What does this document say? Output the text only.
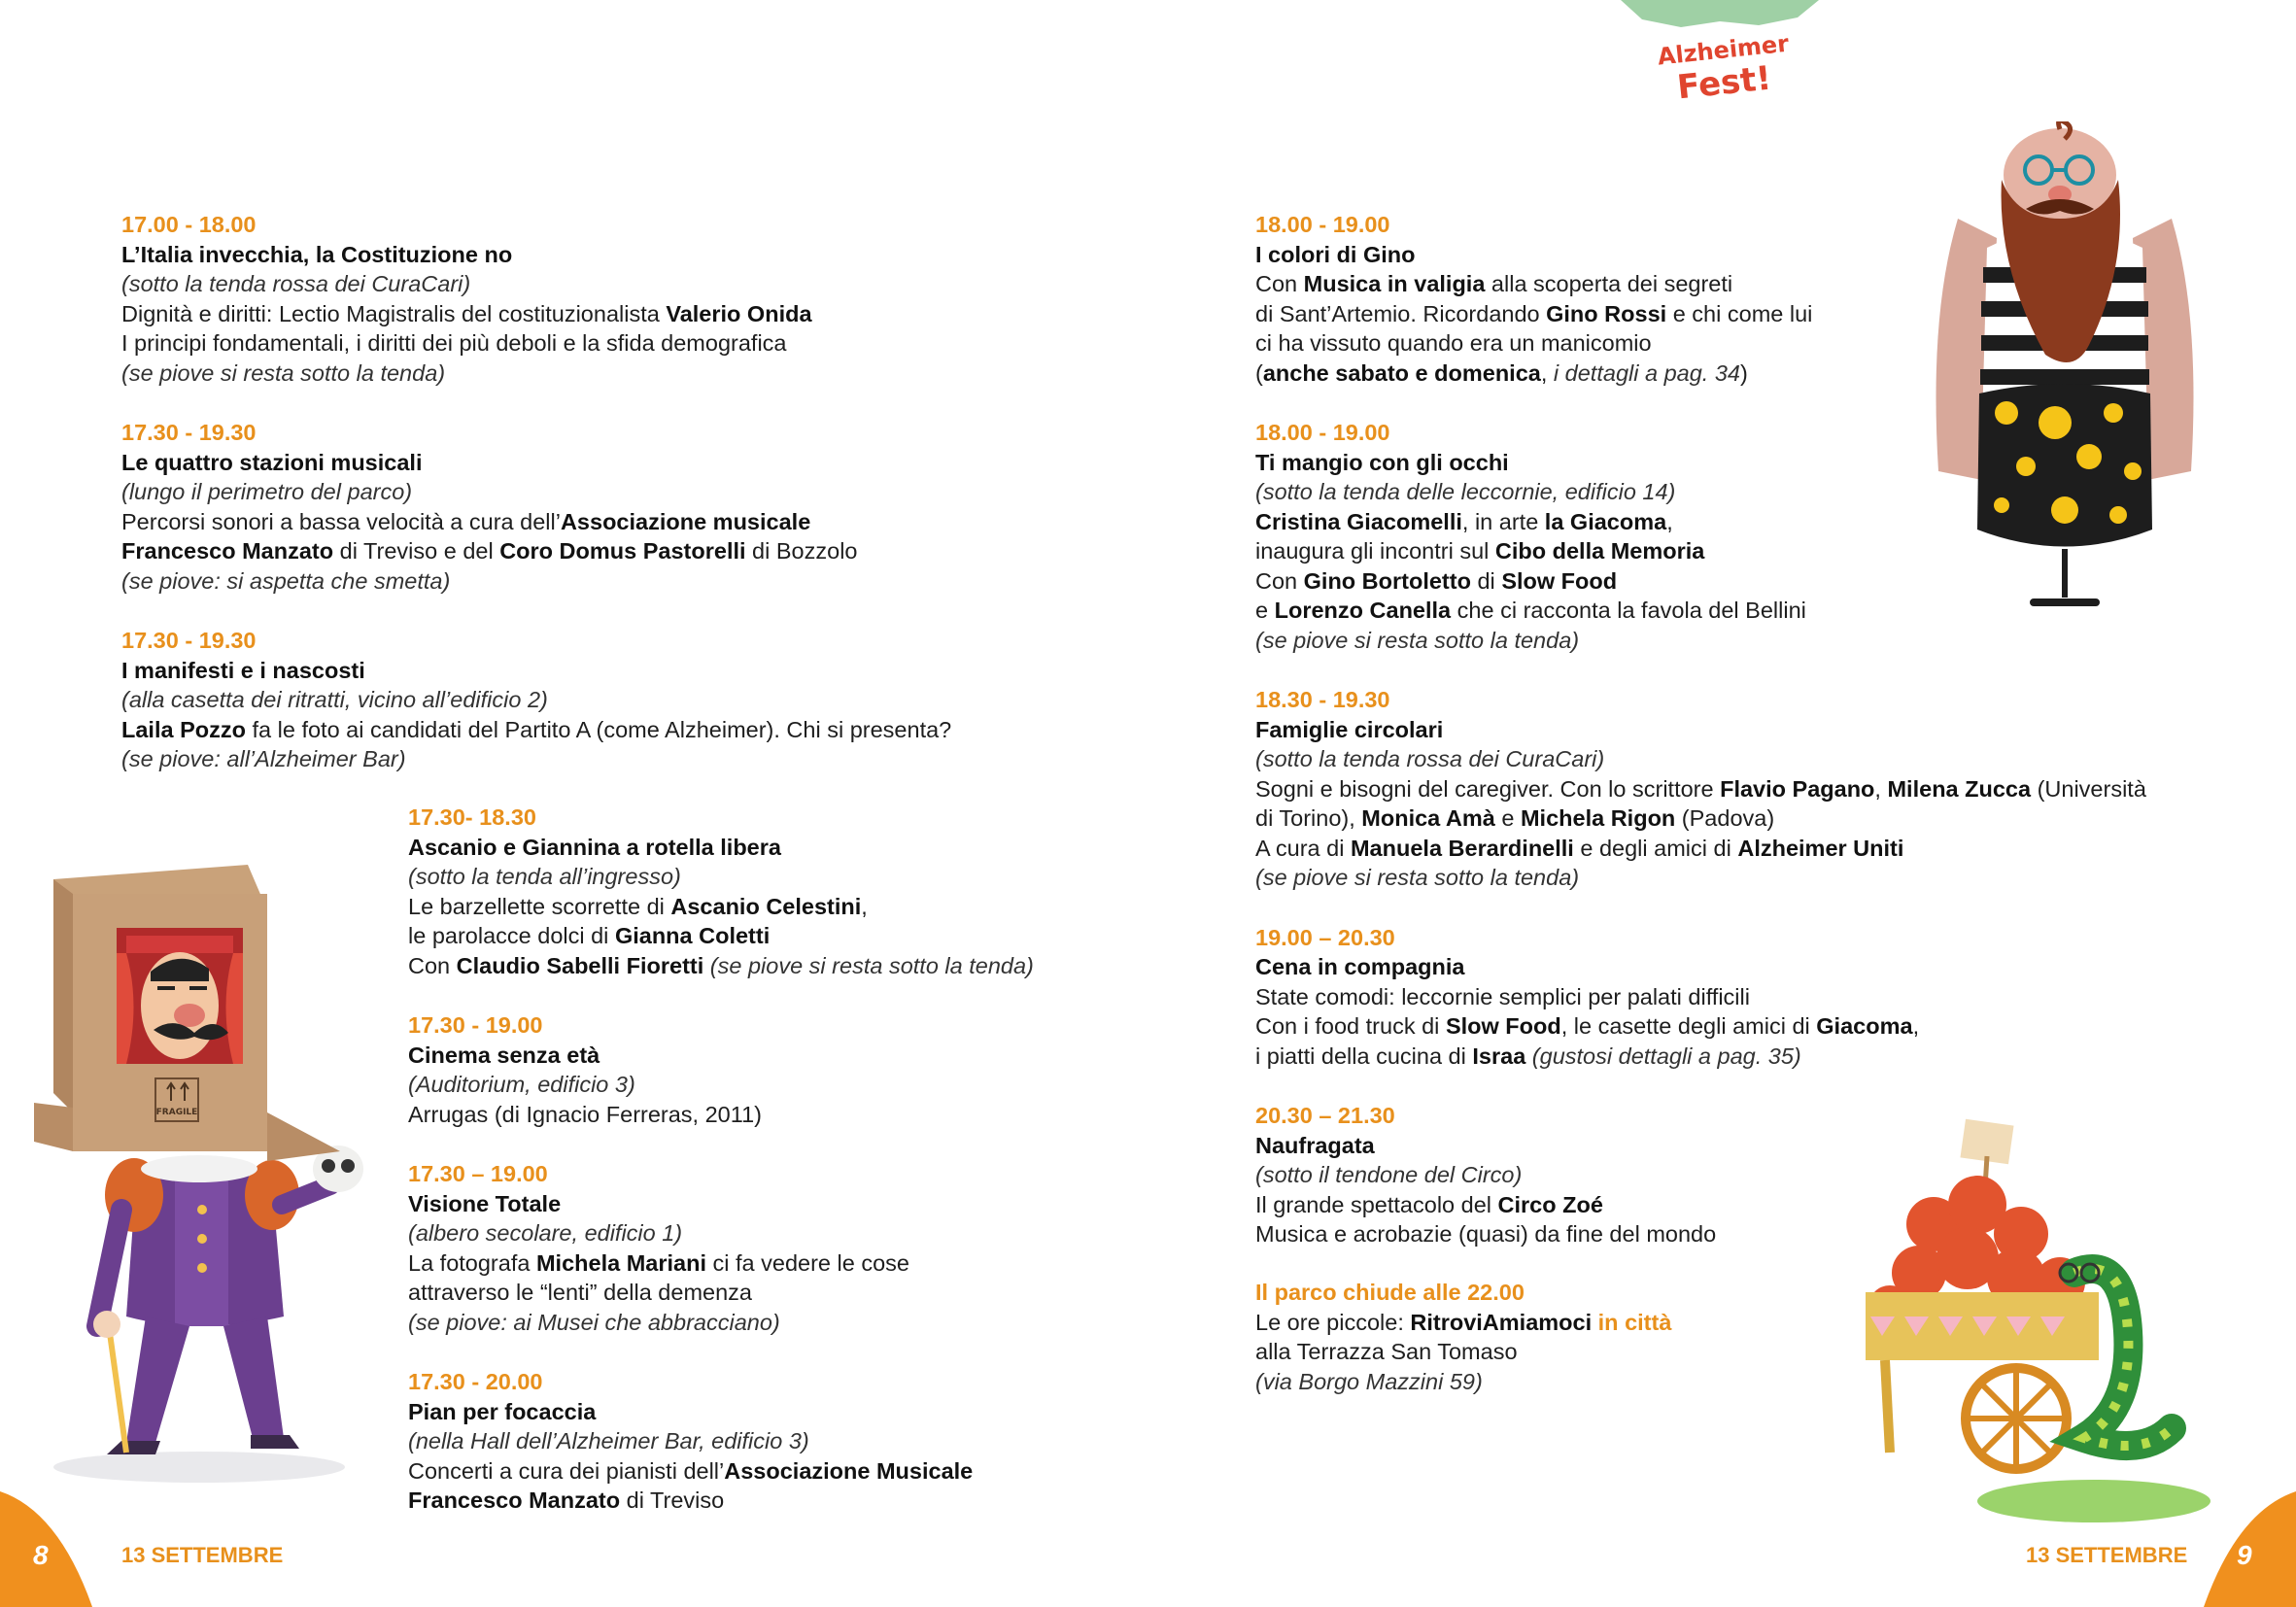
Alzheimer
Fest!
17.00 - 18.00
L’Italia invecchia, la Costituzione no
(sotto la tenda rossa dei CuraCari)
Dignità e diritti: Lectio Magistralis del costituzionalista Valerio Onida
I principi fondamentali, i diritti dei più deboli e la sfida demografica
(se piove si resta sotto la tenda)
17.30 - 19.30
Le quattro stazioni musicali
(lungo il perimetro del parco)
Percorsi sonori a bassa velocità a cura dell’Associazione musicale
Francesco Manzato di Treviso e del Coro Domus Pastorelli di Bozzolo
(se piove: si aspetta che smetta)
17.30 - 19.30
I manifesti e i nascosti
(alla casetta dei ritratti, vicino all’edificio 2)
Laila Pozzo fa le foto ai candidati del Partito A (come Alzheimer). Chi si presenta?
(se piove: all’Alzheimer Bar)
17.30- 18.30
Ascanio e Giannina a rotella libera
(sotto la tenda all’ingresso)
Le barzellette scorrette di Ascanio Celestini,
le parolacce dolci di Gianna Coletti
Con Claudio Sabelli Fioretti (se piove si resta sotto la tenda)
17.30 - 19.00
Cinema senza età
(Auditorium, edificio 3)
Arrugas (di Ignacio Ferreras, 2011)
17.30 – 19.00
Visione Totale
(albero secolare, edificio 1)
La fotografa Michela Mariani ci fa vedere le cose
attraverso le “lenti” della demenza
(se piove: ai Musei che abbracciano)
17.30 - 20.00
Pian per focaccia
(nella Hall dell’Alzheimer Bar, edificio 3)
Concerti a cura dei pianisti dell’Associazione Musicale
Francesco Manzato di Treviso
18.00 - 19.00
I colori di Gino
Con Musica in valigia alla scoperta dei segreti
di Sant’Artemio. Ricordando Gino Rossi e chi come lui
ci ha vissuto quando era un manicomio
(anche sabato e domenica, i dettagli a pag. 34)
18.00 - 19.00
Ti mangio con gli occhi
(sotto la tenda delle leccornie, edificio 14)
Cristina Giacomelli, in arte la Giacoma,
inaugura gli incontri sul Cibo della Memoria
Con Gino Bortoletto di Slow Food
e Lorenzo Canella che ci racconta la favola del Bellini
(se piove si resta sotto la tenda)
18.30 - 19.30
Famiglie circolari
(sotto la tenda rossa dei CuraCari)
Sogni e bisogni del caregiver. Con lo scrittore Flavio Pagano, Milena Zucca (Università
di Torino), Monica Amà e Michela Rigon (Padova)
A cura di Manuela Berardinelli e degli amici di Alzheimer Uniti
(se piove si resta sotto la tenda)
19.00 – 20.30
Cena in compagnia
State comodi: leccornie semplici per palati difficili
Con i food truck di Slow Food, le casette degli amici di Giacoma,
i piatti della cucina di Israa (gustosi dettagli a pag. 35)
20.30 – 21.30
Naufragata
(sotto il tendone del Circo)
Il grande spettacolo del Circo Zoé
Musica e acrobazie (quasi) da fine del mondo
Il parco chiude alle 22.00
Le ore piccole: RitroviAmiamoci in città
alla Terrazza San Tomaso
(via Borgo Mazzini 59)
8	13 SETTEMBRE	9
13 SETTEMBRE
FRAGILE
